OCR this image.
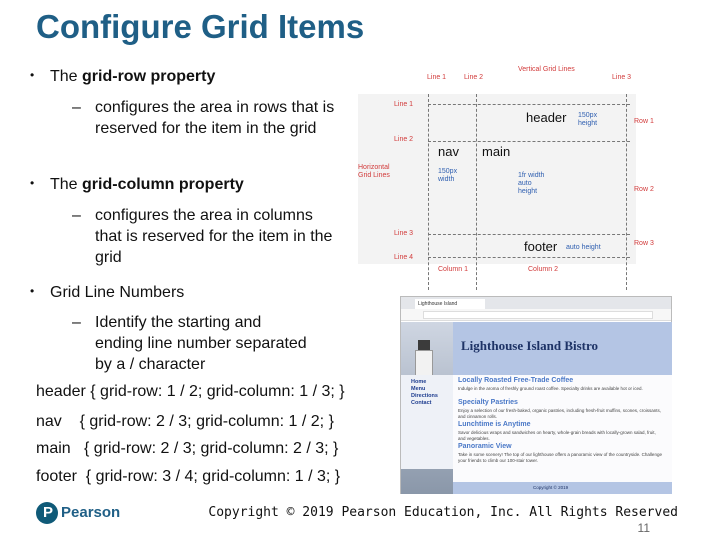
Configure Grid Items
• The grid-row property
– configures the area in rows that is reserved for the item in the grid
• The grid-column property
– configures the area in columns that is reserved for the item in the grid
• Grid Line Numbers
– Identify the starting and ending line number separated by a / character
header { grid-row: 1 / 2; grid-column: 1 / 3; }
nav    { grid-row: 2 / 3; grid-column: 1 / 2; }
main   { grid-row: 2 / 3; grid-column: 2 / 3; }
footer  { grid-row: 3 / 4; grid-column: 1 / 3; }
Vertical Grid Lines
Line 1	Line 2	Line 3
Line 1
Line 2
Line 3
Line 4
Horizontal Grid Lines
Row 1
Row 2
Row 3
Column 1	Column 2
header
nav main
footer
150px height
150px width
1fr width auto height
auto height
Lighthouse Island
Home
Menu
Directions
Contact
Lighthouse Island Bistro
Locally Roasted Free-Trade Coffee
Indulge in the aroma of freshly ground roast coffee. Specialty drinks are available hot or iced.
Specialty Pastries
Enjoy a selection of our fresh-baked, organic pastries, including fresh-fruit muffins, scones, croissants, and cinnamon rolls.
Lunchtime is Anytime
Savor delicious wraps and sandwiches on hearty, whole-grain breads with locally-grown salad, fruit, and vegetables.
Panoramic View
Take in some scenery! The top of our lighthouse offers a panoramic view of the countryside. Challenge your friends to climb our 100-stair tower.
Copyright © 2019
P Pearson	Copyright © 2019 Pearson Education, Inc. All Rights Reserved
11
